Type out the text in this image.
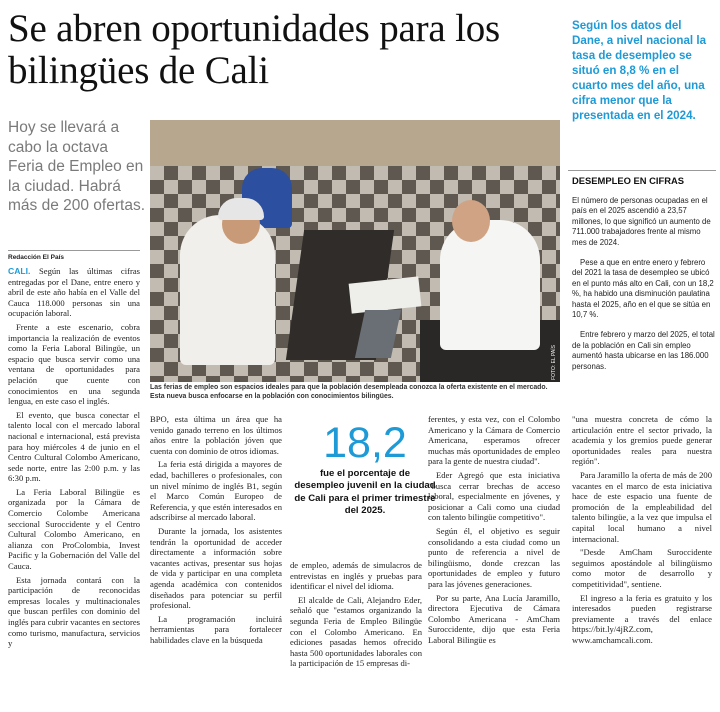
Se abren oportunidades para los bilingües de Cali
Según los datos del Dane, a nivel nacional la tasa de desempleo se situó en 8,8 % en el cuarto mes del año, una cifra menor que la presentada en el 2024.
Hoy se llevará a cabo la octava Feria de Empleo en la ciudad. Habrá más de 200 ofertas.
Redacción El País

CALI. Según las últimas cifras entregadas por el Dane, entre enero y abril de este año había en el Valle del Cauca 118.000 personas sin una ocupación laboral.

Frente a este escenario, cobra importancia la realización de eventos como la Feria Laboral Bilingüe, un espacio que busca servir como una ventana de oportunidades para pelación que cuente con conocimientos en una segunda lengua, en este caso el inglés.

El evento, que busca conectar el talento local con el mercado laboral nacional e internacional, está prevista para hoy miércoles 4 de junio en el Centro Cultural Colombo Americano, sede norte, entre las 2:00 p.m. y las 6:30 p.m.

La Feria Laboral Bilingüe es organizada por la Cámara de Comercio Colombe Americana seccional Suroccidente y el Centro Cultural Colombo Americano, en alianza con ProColombia, Invest Pacific y la Gobernación del Valle del Cauca.

Esta jornada contará con la participación de reconocidas empresas locales y multinacionales que buscan perfiles con dominio del inglés para cubrir vacantes en sectores como turismo, manufactura, servicios y

FOTO: EL PAÍS
Las ferias de empleo son espacios ideales para que la población desempleada conozca la oferta existente en el mercado. Esta nueva busca enfocarse en la población con conocimientos bilingües.
DESEMPLEO EN CIFRAS

El número de personas ocupadas en el país en el 2025 ascendió a 23,57 millones, lo que significó un aumento de 711.000 trabajadores frente al mismo mes de 2024.

Pese a que en entre enero y febrero del 2021 la tasa de desempleo se ubicó en el punto más alto en Cali, con un 18,2 %, ha habido una disminución paulatina hasta el 2025, año en el que se sitúa en 10,7 %.

Entre febrero y marzo del 2025, el total de la población en Cali sin empleo aumentó hasta ubicarse en las 186.000 personas.

BPO, esta última un área que ha venido ganado terreno en los últimos años entre la población jóven que cuenta con dominio de otros idiomas.

La feria está dirigida a mayores de edad, bachilleres o profesionales, con un nivel mínimo de inglés B1, según el Marco Común Europeo de Referencia, y que estén interesados en adscribirse al mercado laboral.

Durante la jornada, los asistentes tendrán la oportunidad de acceder directamente a información sobre vacantes activas, presentar sus hojas de vida y participar en una completa agenda académica con contenidos diseñados para potenciar su perfil profesional.

La programación incluirá herramientas para fortalecer habilidades clave en la búsqueda

18,2
fue el porcentaje de desempleo juvenil en la ciudad de Cali para el primer trimestre del 2025.

de empleo, además de simulacros de entrevistas en inglés y pruebas para identificar el nivel del idioma.

El alcalde de Cali, Alejandro Eder, señaló que "estamos organizando la segunda Feria de Empleo Bilingüe con el Colombo Americano. En ediciones pasadas hemos ofrecido hasta 500 oportunidades laborales con la participación de 15 empresas di-

ferentes, y esta vez, con el Colombo Americano y la Cámara de Comercio Americana, esperamos ofrecer muchas más oportunidades de empleo para la gente de nuestra ciudad".

Eder Agregó que esta iniciativa "busca cerrar brechas de acceso laboral, especialmente en jóvenes, y posicionar a Cali como una ciudad con talento bilingüe competitivo".

Según él, el objetivo es seguir consolidando a esta ciudad como un punto de referencia a nivel de bilingüismo, donde crezcan las oportunidades de empleo y futuro para las jóvenes generaciones.

Por su parte, Ana Lucía Jaramillo, directora Ejecutiva de Cámara Colombo Americana - AmCham Suroccidente, dijo que esta Feria Laboral Bilingüe es

"una muestra concreta de cómo la articulación entre el sector privado, la academia y los gremios puede generar oportunidades reales para nuestra región".

Para Jaramillo la oferta de más de 200 vacantes en el marco de esta iniciativa hace de este espacio una fuente de promoción de la empleabilidad del talento bilingüe, a la vez que impulsa el capital local humano a nivel internacional.

"Desde AmCham Suroccidente seguimos apostándole al bilingüismo como motor de desarrollo y competitividad", sentiene.

El ingreso a la feria es gratuito y los interesados pueden registrarse previamente a través del enlace https://bit.ly/4jRZ.com, www.amchamcali.com.
